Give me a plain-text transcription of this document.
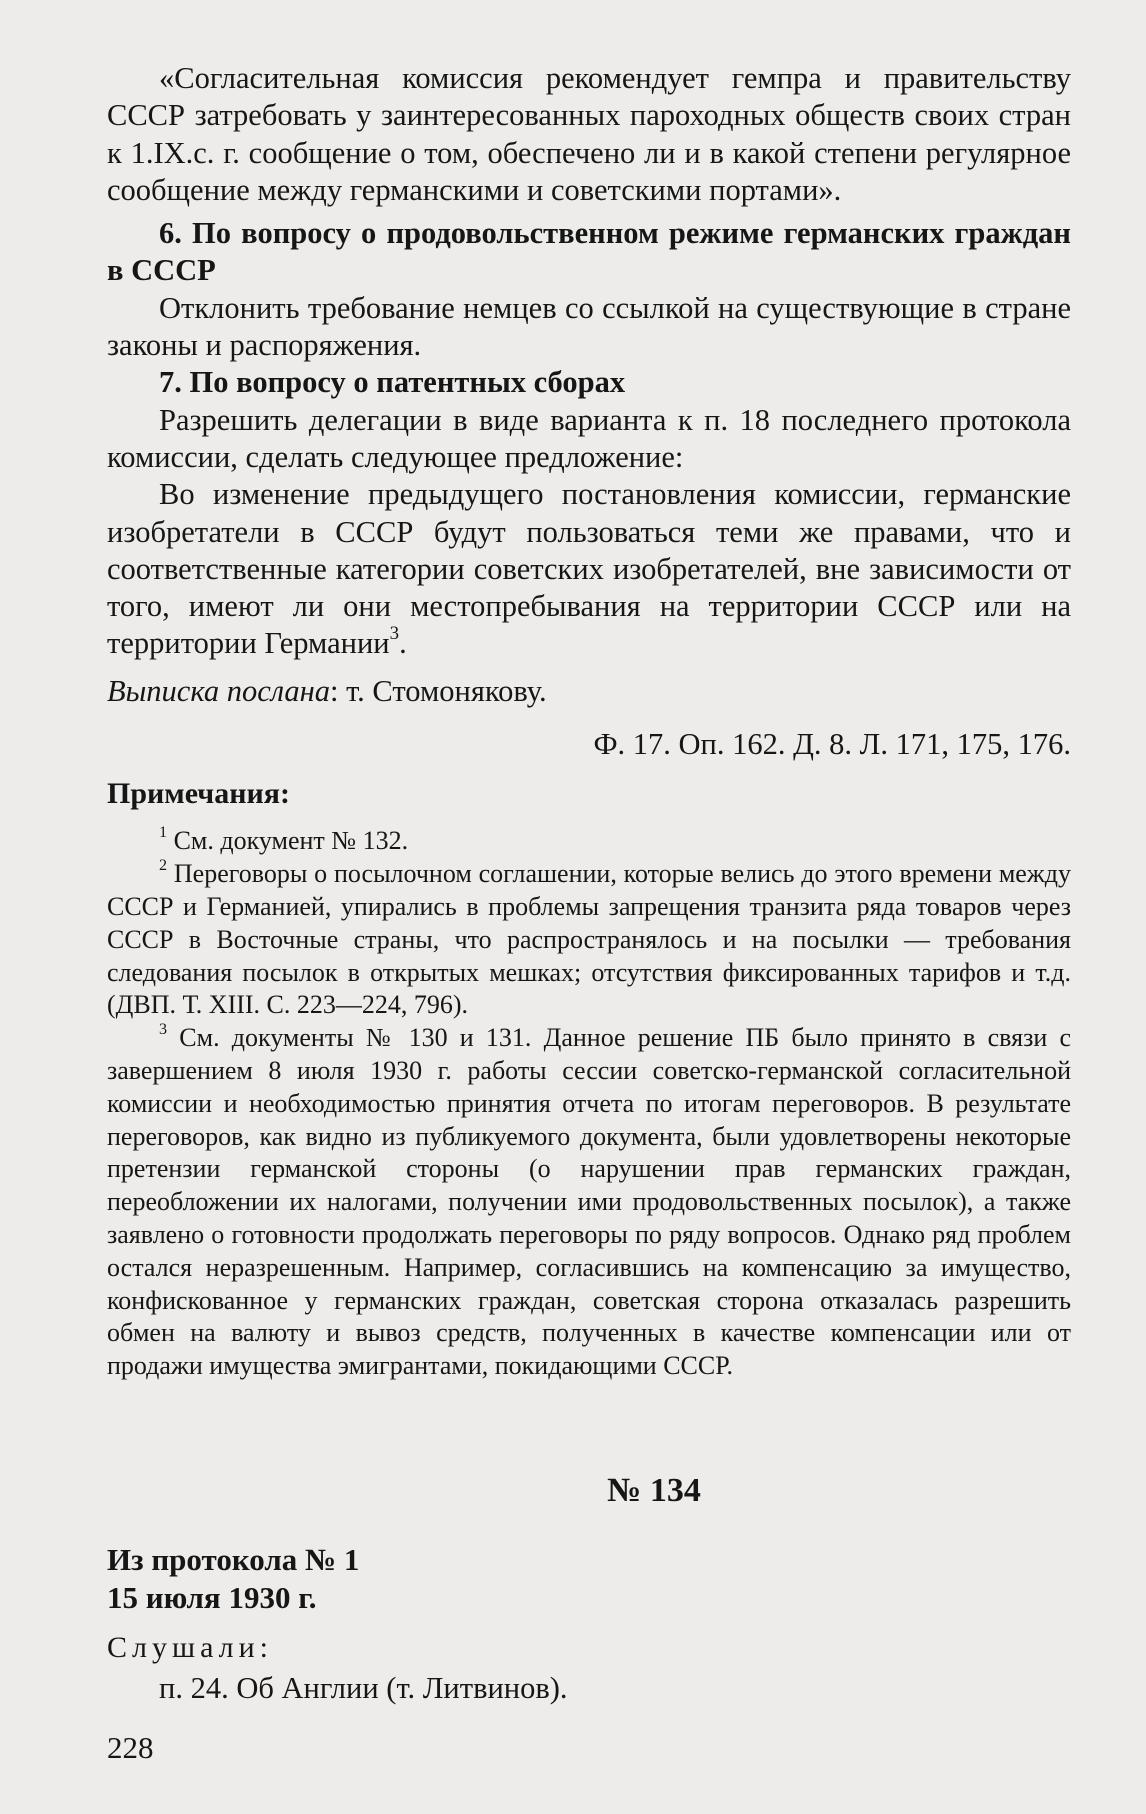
«Согласительная комиссия рекомендует гемпра и правительству СССР затребовать у заинтересованных пароходных обществ своих стран к 1.IX.с. г. сообщение о том, обеспечено ли и в какой степени регулярное сообщение между германскими и советскими портами».

6. По вопросу о продовольственном режиме германских граждан в СССР

Отклонить требование немцев со ссылкой на существующие в стране законы и распоряжения.

7. По вопросу о патентных сборах

Разрешить делегации в виде варианта к п. 18 последнего протокола комиссии, сделать следующее предложение:

Во изменение предыдущего постановления комиссии, германские изобретатели в СССР будут пользоваться теми же правами, что и соответственные категории советских изобретателей, вне зависимости от того, имеют ли они местопребывания на территории СССР или на территории Германии$^3$.

Выписка послана: т. Стомонякову.

Ф. 17. Оп. 162. Д. 8. Л. 171, 175, 176.

Примечания:

$^1$ См. документ № 132.

$^2$ Переговоры о посылочном соглашении, которые велись до этого времени между СССР и Германией, упирались в проблемы запрещения транзита ряда товаров через СССР в Восточные страны, что распространялось и на посылки — требования следования посылок в открытых мешках; отсутствия фиксированных тарифов и т.д. (ДВП. Т. XIII. С. 223—224, 796).

$^3$ См. документы № 130 и 131. Данное решение ПБ было принято в связи с завершением 8 июля 1930 г. работы сессии советско-германской согласительной комиссии и необходимостью принятия отчета по итогам переговоров. В результате переговоров, как видно из публикуемого документа, были удовлетворены некоторые претензии германской стороны (о нарушении прав германских граждан, переобложении их налогами, получении ими продовольственных посылок), а также заявлено о готовности продолжать переговоры по ряду вопросов. Однако ряд проблем остался неразрешенным. Например, согласившись на компенсацию за имущество, конфискованное у германских граждан, советская сторона отказалась разрешить обмен на валюту и вывоз средств, полученных в качестве компенсации или от продажи имущества эмигрантами, покидающими СССР.

№ 134

Из протокола № 1

15 июля 1930 г.

Слушали:

п. 24. Об Англии (т. Литвинов).

228
